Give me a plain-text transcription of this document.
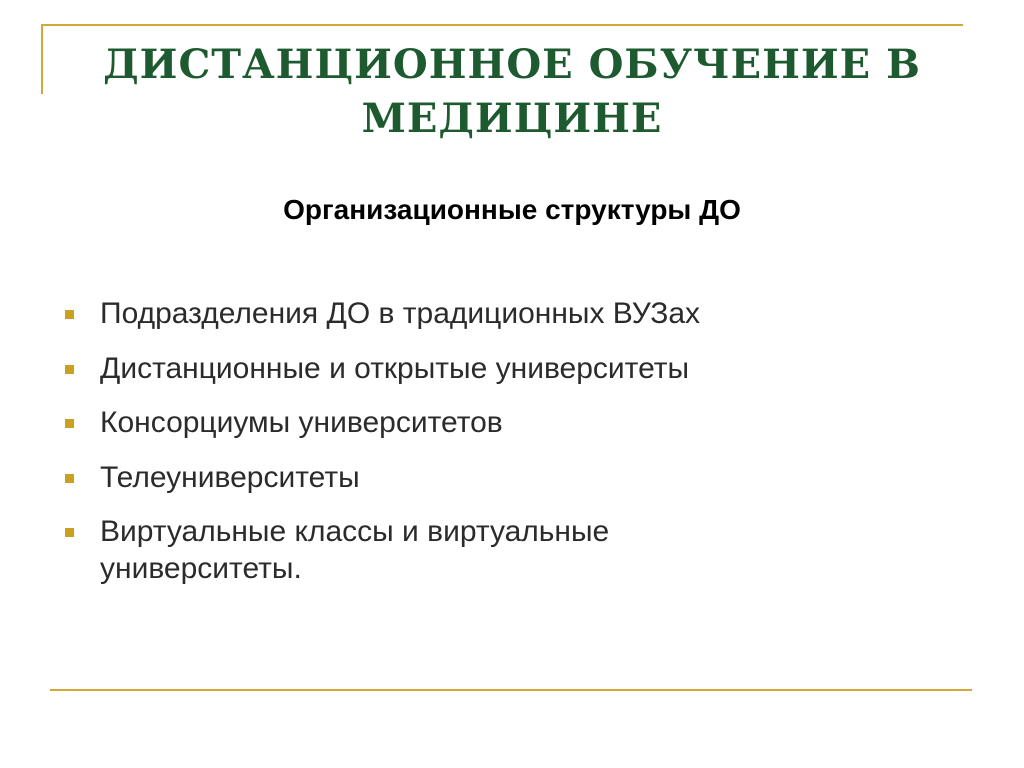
ДИСТАНЦИОННОЕ ОБУЧЕНИЕ В
МЕДИЦИНЕ
Организационные структуры ДО
Подразделения ДО в традиционных ВУЗах
Дистанционные и открытые университеты
Консорциумы университетов
Телеуниверситеты
Виртуальные классы и виртуальные университеты.
